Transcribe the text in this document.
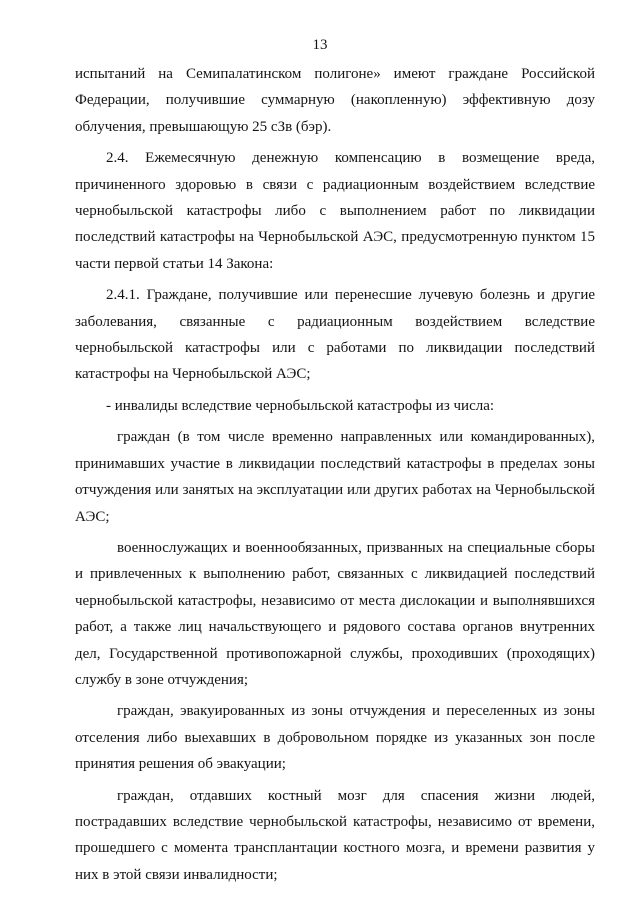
13

испытаний на Семипалатинском полигоне» имеют граждане Российской Федерации, получившие суммарную (накопленную) эффективную дозу облучения, превышающую 25 сЗв (бэр).

2.4. Ежемесячную денежную компенсацию в возмещение вреда, причиненного здоровью в связи с радиационным воздействием вследствие чернобыльской катастрофы либо с выполнением работ по ликвидации последствий катастрофы на Чернобыльской АЭС, предусмотренную пунктом 15 части первой статьи 14 Закона:

2.4.1. Граждане, получившие или перенесшие лучевую болезнь и другие заболевания, связанные с радиационным воздействием вследствие чернобыльской катастрофы или с работами по ликвидации последствий катастрофы на Чернобыльской АЭС;

- инвалиды вследствие чернобыльской катастрофы из числа:

граждан (в том числе временно направленных или командированных), принимавших участие в ликвидации последствий катастрофы в пределах зоны отчуждения или занятых на эксплуатации или других работах на Чернобыльской АЭС;

военнослужащих и военнообязанных, призванных на специальные сборы и привлеченных к выполнению работ, связанных с ликвидацией последствий чернобыльской катастрофы, независимо от места дислокации и выполнявшихся работ, а также лиц начальствующего и рядового состава органов внутренних дел, Государственной противопожарной службы, проходивших (проходящих) службу в зоне отчуждения;

граждан, эвакуированных из зоны отчуждения и переселенных из зоны отселения либо выехавших в добровольном порядке из указанных зон после принятия решения об эвакуации;

граждан, отдавших костный мозг для спасения жизни людей, пострадавших вследствие чернобыльской катастрофы, независимо от времени, прошедшего с момента трансплантации костного мозга, и времени развития у них в этой связи инвалидности;
